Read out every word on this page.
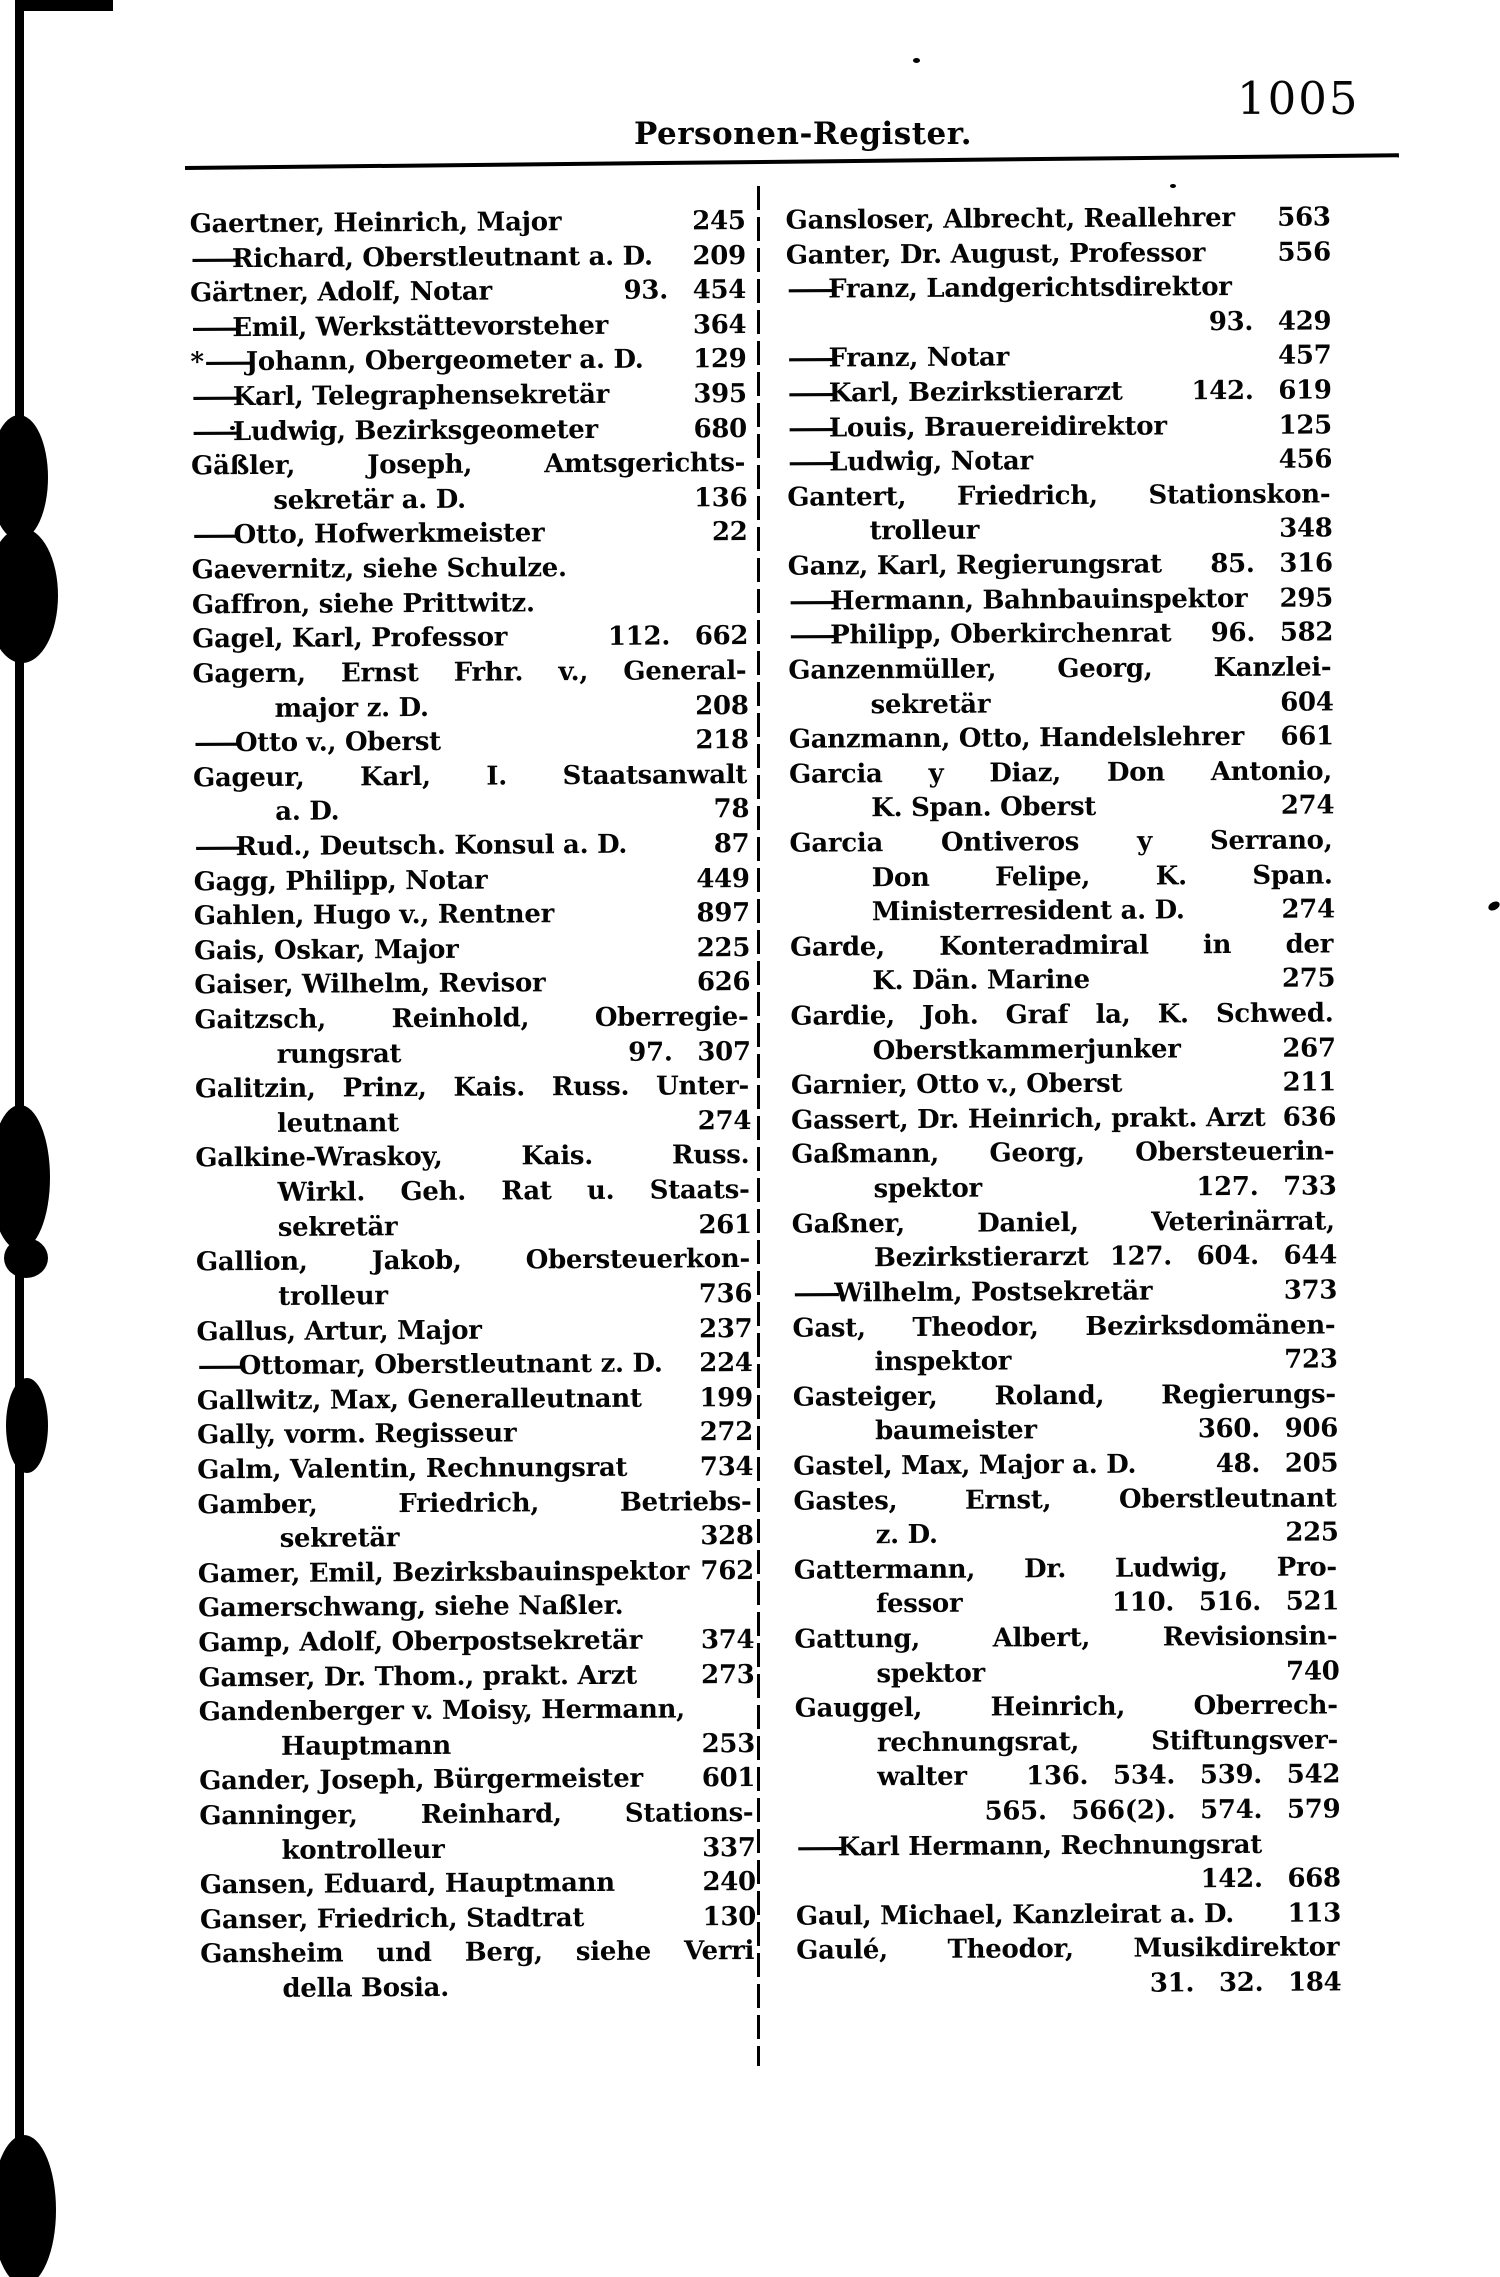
Personen-Register.
1005
Gaertner, Heinrich, Major	245
—Richard, Oberstleutnant a. D. 209
Gärtner, Adolf, Notar	93. 454
—Emil, Werkstättevorsteher	364
*—Johann, Obergeometer a. D. 129
—Karl, Telegraphensekretär	395
—Ludwig, Bezirksgeometer	680
Gäßler, Joseph, Amtsgerichts-
sekretär a. D.	136
—Otto, Hofwerkmeister	22
Gaevernitz, siehe Schulze.
Gaffron, siehe Prittwitz.
Gagel, Karl, Professor	112. 662
Gagern, Ernst Frhr. v., General-
major z. D.	208
—Otto v., Oberst	218
Gageur, Karl, I. Staatsanwalt
a. D.	78
—Rud., Deutsch. Konsul a. D.	87
Gagg, Philipp, Notar	449
Gahlen, Hugo v., Rentner	897
Gais, Oskar, Major	225
Gaiser, Wilhelm, Revisor	626
Gaitzsch, Reinhold, Oberregie-
rungsrat	97. 307
Galitzin, Prinz, Kais. Russ. Unter-
leutnant	274
Galkine-Wraskoy, Kais. Russ.
Wirkl. Geh. Rat u. Staats-
sekretär	261
Gallion, Jakob, Obersteuerkon-
trolleur	736
Gallus, Artur, Major	237
—Ottomar, Oberstleutnant z. D. 224
Gallwitz, Max, Generalleutnant	199
Gally, vorm. Regisseur	272
Galm, Valentin, Rechnungsrat	734
Gamber, Friedrich, Betriebs-
sekretär	328
Gamer, Emil, Bezirksbauinspektor 762
Gamerschwang, siehe Naßler.
Gamp, Adolf, Oberpostsekretär	374
Gamser, Dr. Thom., prakt. Arzt	273
Gandenberger v. Moisy, Hermann,
Hauptmann	253
Gander, Joseph, Bürgermeister	601
Ganninger, Reinhard, Stations-
kontrolleur	337
Gansen, Eduard, Hauptmann	240
Ganser, Friedrich, Stadtrat	130
Gansheim und Berg, siehe Verri
della Bosia.
Gansloser, Albrecht, Reallehrer 563
Ganter, Dr. August, Professor	556
—Franz, Landgerichtsdirektor
93. 429
—Franz, Notar	457
—Karl, Bezirkstierarzt	142. 619
—Louis, Brauereidirektor	125
—Ludwig, Notar	456
Gantert, Friedrich, Stationskon-
trolleur	348
Ganz, Karl, Regierungsrat	85. 316
—Hermann, Bahnbauinspektor 295
—Philipp, Oberkirchenrat	96. 582
Ganzenmüller, Georg, Kanzlei-
sekretär	604
Ganzmann, Otto, Handelslehrer 661
Garcia y Diaz, Don Antonio,
K. Span. Oberst	274
Garcia Ontiveros y Serrano,
Don Felipe, K. Span.
Ministerresident a. D.	274
Garde, Konteradmiral in der
K. Dän. Marine	275
Gardie, Joh. Graf la, K. Schwed.
Oberstkammerjunker	267
Garnier, Otto v., Oberst	211
Gassert, Dr. Heinrich, prakt. Arzt 636
Gaßmann, Georg, Obersteuerin-
spektor	127. 733
Gaßner, Daniel, Veterinärrat,
Bezirkstierarzt 127. 604. 644
—Wilhelm, Postsekretär	373
Gast, Theodor, Bezirksdomänen-
inspektor	723
Gasteiger, Roland, Regierungs-
baumeister	360. 906
Gastel, Max, Major a. D.	48. 205
Gastes, Ernst, Oberstleutnant
z. D.	225
Gattermann, Dr. Ludwig, Pro-
fessor	110. 516. 521
Gattung, Albert, Revisionsin-
spektor	740
Gauggel, Heinrich, Oberrech-
rechnungsrat, Stiftungsver-
walter	136. 534. 539. 542
565. 566(2). 574. 579
—Karl Hermann, Rechnungsrat
142. 668
Gaul, Michael, Kanzleirat a. D.	113
Gaulé, Theodor, Musikdirektor
31. 32. 184
